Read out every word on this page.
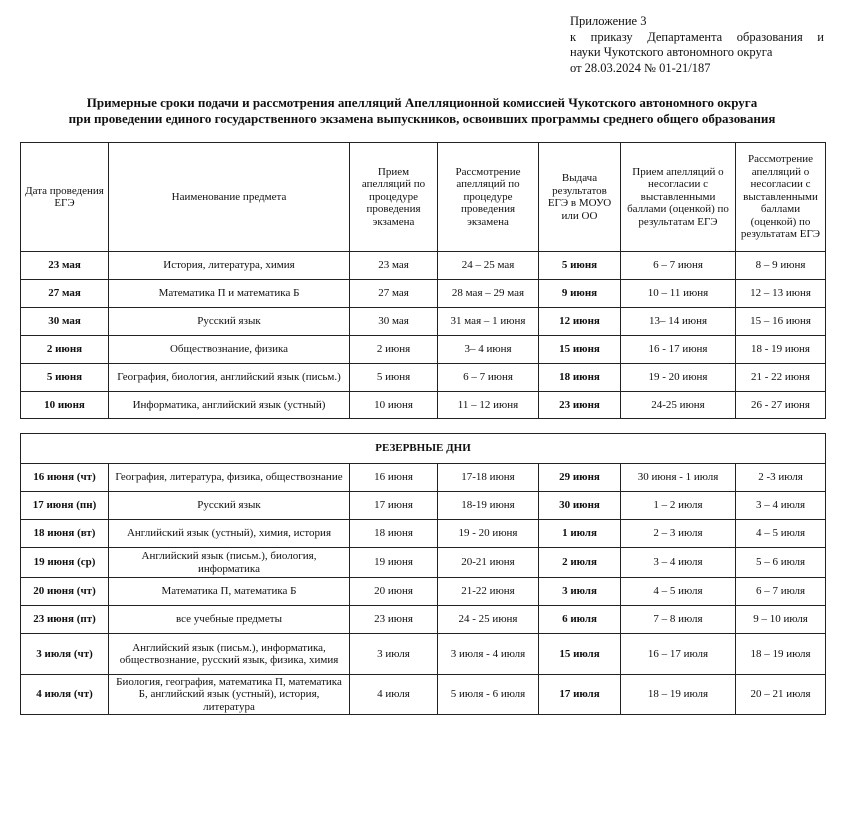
Приложение 3
к приказу Департамента образования и
науки Чукотского автономного округа
от 28.03.2024 № 01-21/187
Примерные сроки подачи и рассмотрения апелляций Апелляционной комиссией Чукотского автономного округа
при проведении единого государственного экзамена выпускников, освоивших программы среднего общего образования
Дата проведения ЕГЭ	Наименование предмета	Прием апелляций по процедуре проведения экзамена	Рассмотрение апелляций по процедуре проведения экзамена	Выдача результатов ЕГЭ в МОУО или ОО	Прием апелляций о несогласии с выставленными баллами (оценкой) по результатам ЕГЭ	Рассмотрение апелляций о несогласии с выставленными баллами (оценкой) по результатам ЕГЭ
23 мая	История, литература, химия	23 мая	24 – 25 мая	5 июня	6 – 7 июня	8 – 9 июня
27 мая	Математика П и математика Б	27 мая	28 мая – 29 мая	9 июня	10 – 11 июня	12 – 13 июня
30 мая	Русский язык	30 мая	31 мая – 1 июня	12 июня	13– 14 июня	15 – 16 июня
2 июня	Обществознание, физика	2 июня	3– 4 июня	15 июня	16 - 17 июня	18 - 19 июня
5 июня	География, биология, английский язык (письм.)	5 июня	6 – 7 июня	18 июня	19 - 20 июня	21 - 22 июня
10 июня	Информатика, английский язык (устный)	10 июня	11 – 12 июня	23 июня	24-25 июня	26 - 27 июня
РЕЗЕРВНЫЕ ДНИ						
16 июня (чт)	География, литература, физика, обществознание	16 июня	17-18 июня	29 июня	30 июня - 1 июля	2 -3 июля
17 июня (пн)	Русский язык	17 июня	18-19 июня	30 июня	1 – 2 июля	3 – 4 июля
18 июня (вт)	Английский язык (устный), химия, история	18 июня	19 - 20 июня	1 июля	2 – 3 июля	4 – 5 июля
19 июня (ср)	Английский язык (письм.), биология, информатика	19 июня	20-21 июня	2 июля	3 – 4 июля	5 – 6 июля
20 июня (чт)	Математика П, математика Б	20 июня	21-22 июня	3 июля	4 – 5 июля	6 – 7 июля
23 июня (пт)	все учебные предметы	23 июня	24 - 25 июня	6 июля	7 – 8 июля	9 – 10 июля
3 июля (чт)	Английский язык (письм.), информатика, обществознание, русский язык, физика, химия	3 июля	3 июля - 4 июля	15 июля	16 – 17 июля	18 – 19 июля
4 июля (чт)	Биология, география, математика П, математика Б, английский язык (устный), история, литература	4 июля	5 июля - 6 июля	17 июля	18 – 19 июля	20 – 21 июля
